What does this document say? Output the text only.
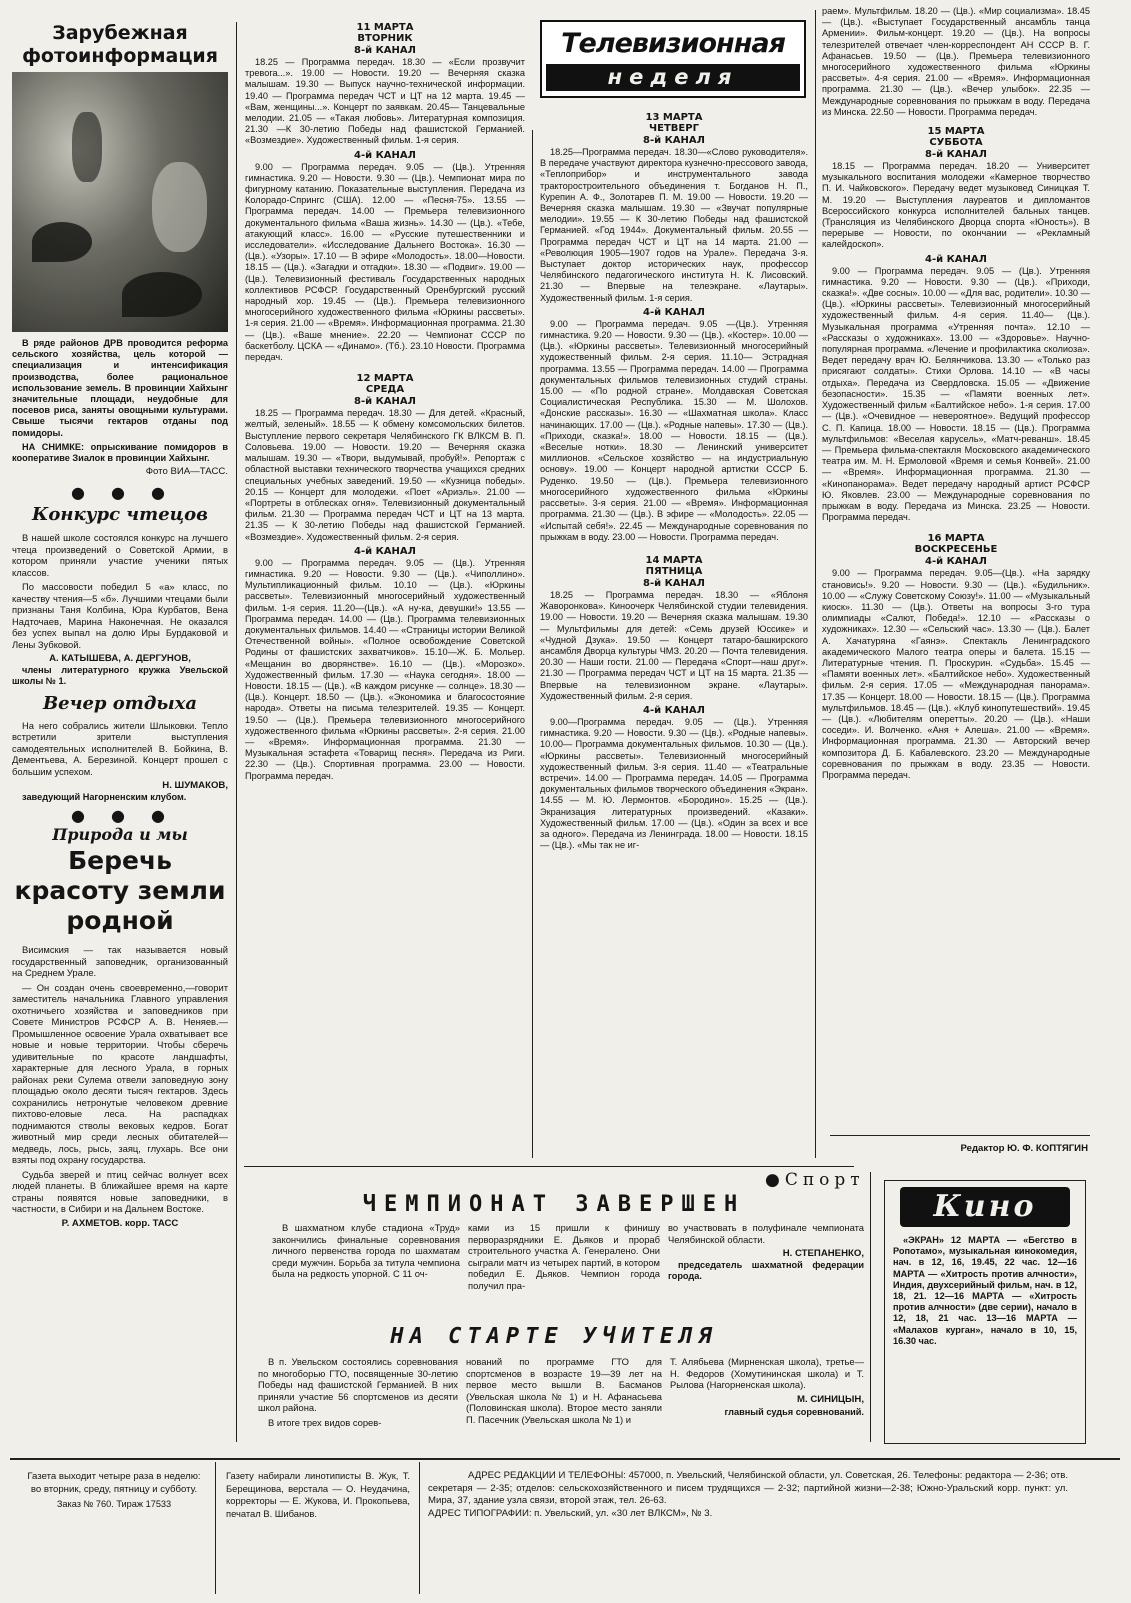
Зарубежная фотоинформация

В ряде районов ДРВ проводится реформа сельского хозяйства, цель которой — специализация и интенсификация производства, более рациональное использование земель. В провинции Хайхынг значительные площади, неудобные для посевов риса, заняты овощными культурами. Свыше тысячи гектаров отданы под помидоры.

НА СНИМКЕ: опрыскивание помидоров в кооперативе Зиалок в провинции Хайхынг.

Фото ВИА—ТАСС.
●●●
Конкурс чтецов

В нашей школе состоялся конкурс на лучшего чтеца произведений о Советской Армии, в котором приняли участие ученики пятых классов.

По массовости победил 5 «а» класс, по качеству чтения—5 «б». Лучшими чтецами были признаны Таня Колбина, Юра Курбатов, Вена Надточаев, Марина Наконечная. Не оказался без успех выпал на долю Иры Бурдаковой и Лены Зубковой.

А. КАТЫШЕВА, А. ДЕРГУНОВ,

члены литературного кружка Увельской школы № 1.

Вечер отдыха

На него собрались жители Шлыковки. Тепло встретили зрители выступления самодеятельных исполнителей В. Бойкина, В. Дементьева, А. Березиной. Концерт прошел с большим успехом.

Н. ШУМАКОВ,

заведующий Нагорненским клубом.

●●●
Природа и мы
Беречь красоту земли родной

Висимския — так называется новый государственный заповедник, организованный на Среднем Урале.

— Он создан очень своевременно,—говорит заместитель начальника Главного управления охотничьего хозяйства и заповедников при Совете Министров РСФСР А. В. Неняев.—Промышленное освоение Урала охватывает все новые и новые территории. Чтобы сберечь удивительные по красоте ландшафты, характерные для лесного Урала, в горных районах реки Сулема отвели заповедную зону площадью около десяти тысяч гектаров. Здесь сохранились нетронутые человеком древние пихтово-еловые леса. На распадках поднимаются стволы вековых кедров. Богат животный мир среди лесных обитателей—медведь, лось, рысь, заяц, глухарь. Все они взяты под охрану государства.

Судьба зверей и птиц сейчас волнует всех людей планеты. В ближайшее время на карте страны появятся новые заповедники, в частности, в Сибири и на Дальнем Востоке.

Р. АХМЕТОВ. корр. ТАСС
11 МАРТА
ВТОРНИК
8-й КАНАЛ

18.25 — Программа передач. 18.30 — «Если прозвучит тревога...». 19.00 — Новости. 19.20 — Вечерняя сказка малышам. 19.30 — Выпуск научно-технической информации. 19.40 — Программа передач ЧСТ и ЦТ на 12 марта. 19.45 — «Вам, женщины...». Концерт по заявкам. 20.45— Танцевальные мелодии. 21.05 — «Такая любовь». Литературная композиция. 21.30 —К 30-летию Победы над фашистской Германией. «Возмездие». Художественный фильм. 1-я серия.

4-й КАНАЛ

9.00 — Программа передач. 9.05 — (Цв.). Утренняя гимнастика. 9.20 — Новости. 9.30 — (Цв.). Чемпионат мира по фигурному катанию. Показательные выступления. Передача из Колорадо-Спрингс (США). 12.00 — «Песня-75». 13.55 — Программа передач. 14.00 — Премьера телевизионного документального фильма «Ваша жизнь». 14.30 — (Цв.). «Тебе, атакующий класс». 16.00 — «Русские путешественники и исследователи». «Исследование Дальнего Востока». 16.30 — (Цв.). «Узоры». 17.10 — В эфире «Молодость». 18.00—Новости. 18.15 — (Цв.). «Загадки и отгадки». 18.30 — «Подвиг». 19.00 — (Цв.). Телевизионный фестиваль Государственных народных коллективов РСФСР. Государственный Оренбургский русский народный хор. 19.45 — (Цв.). Премьера телевизионного многосерийного художественного фильма «Юркины рассветы». 1-я серия. 21.00 — «Время». Информационная программа. 21.30 — (Цв.). «Ваше мнение». 22.20 — Чемпионат СССР по баскетболу. ЦСКА — «Динамо». (Тб.). 23.10 Новости. Программа передач.

12 МАРТА
СРЕДА
8-й КАНАЛ

18.25 — Программа передач. 18.30 — Для детей. «Красный, желтый, зеленый». 18.55 — К обмену комсомольских билетов. Выступление первого секретаря Челябинского ГК ВЛКСМ В. П. Соловьева. 19.00 — Новости. 19.20 — Вечерняя сказка малышам. 19.30 — «Твори, выдумывай, пробуй!». Репортаж с областной выставки технического творчества учащихся средних специальных учебных заведений. 19.50 — «Кузница победы». 20.15 — Концерт для молодежи. «Поет «Ариэль». 21.00 — «Портреты в отблесках огня». Телевизионный документальный фильм. 21.30 — Программа передач ЧСТ и ЦТ на 13 марта. 21.35 — К 30-летию Победы над фашистской Германией. «Возмездие». Художественный фильм. 2-я серия.

4-й КАНАЛ

9.00 — Программа передач. 9.05 — (Цв.). Утренняя гимнастика. 9.20 — Новости. 9.30 — (Цв.). «Чиполлино». Мультипликационный фильм. 10.10 — (Цв.). «Юркины рассветы». Телевизионный многосерийный художественный фильм. 1-я серия. 11.20—(Цв.). «А ну-ка, девушки!» 13.55 — Программа передач. 14.00 — (Цв.). Программа телевизионных документальных фильмов. 14.40 — «Страницы истории Великой Отечественной войны». «Полное освобождение Советской Родины от фашистских захватчиков». 15.10—Ж. Б. Мольер. «Мещанин во дворянстве». 16.10 — (Цв.). «Морозко». Художественный фильм. 17.30 — «Наука сегодня». 18.00 — Новости. 18.15 — (Цв.). «В каждом рисунке — солнце». 18.30 — (Цв.). Концерт. 18.50 — (Цв.). «Экономика и благосостояние народа». Ответы на письма телезрителей. 19.35 — Концерт. 19.50 — (Цв.). Премьера телевизионного многосерийного художественного фильма «Юркины рассветы». 2-я серия. 21.00 — «Время». Информационная программа. 21.30 — Музыкальная эстафета «Товарищ песня». Передача из Риги. 22.30 — (Цв.). Спортивная программа. 23.00 — Новости. Программа передач.

Телевизионная
неделя
13 МАРТА
ЧЕТВЕРГ
8-й КАНАЛ

18.25—Программа передач. 18.30—«Слово руководителя». В передаче участвуют директора кузнечно-прессового завода, «Теплоприбор» и инструментального завода тракторостроительного объединения т. Богданов Н. П., Курепин А. Ф., Золотарев П. М. 19.00 — Новости. 19.20 — Вечерняя сказка малышам. 19.30 — «Звучат популярные мелодии». 19.55 — К 30-летию Победы над фашистской Германией. «Год 1944». Документальный фильм. 20.55 — Программа передач ЧСТ и ЦТ на 14 марта. 21.00 — «Революция 1905—1907 годов на Урале». Передача 3-я. Выступает доктор исторических наук, профессор Челябинского педагогического института Н. К. Лисовский. 21.30 — Впервые на телеэкране. «Лаутары». Художественный фильм. 1-я серия.

4-й КАНАЛ

9.00 — Программа передач. 9.05 —(Цв.). Утренняя гимнастика. 9.20 — Новости. 9.30 — (Цв.). «Костер». 10.00 — (Цв.). «Юркины рассветы». Телевизионный многосерийный художественный фильм. 2-я серия. 11.10— Эстрадная программа. 13.55 — Программа передач. 14.00 — Программа документальных фильмов телевизионных студий страны. 15.00 — «По родной стране». Молдавская Советская Социалистическая Республика. 15.30 — М. Шолохов. «Донские рассказы». 16.30 — «Шахматная школа». Класс начинающих. 17.00 — (Цв.). «Родные напевы». 17.30 — (Цв.). «Приходи, сказка!». 18.00 — Новости. 18.15 — (Цв.). «Веселые нотки». 18.30 — Ленинский университет миллионов. «Сельское хозяйство — на индустриальную основу». 19.00 — Концерт народной артистки СССР Б. Руденко. 19.50 — (Цв.). Премьера телевизионного многосерийного художественного фильма «Юркины рассветы». 3-я серия. 21.00 — «Время». Информационная программа. 21.30 — (Цв.). В эфире — «Молодость». 22.05 — «Испытай себя!». 22.45 — Международные соревнования по прыжкам в воду. 23.00 — Новости. Программа передач.

14 МАРТА
ПЯТНИЦА
8-й КАНАЛ

18.25 — Программа передач. 18.30 — «Яблоня Жаворонкова». Киноочерк Челябинской студии телевидения. 19.00 — Новости. 19.20 — Вечерняя сказка малышам. 19.30 — Мультфильмы для детей: «Семь друзей Юссике» и «Чудной Дзука». 19.50 — Концерт татаро-башкирского ансамбля Дворца культуры ЧМЗ. 20.20 — Почта телевидения. 20.30 — Наши гости. 21.00 — Передача «Спорт—наш друг». 21.30 — Программа передач ЧСТ и ЦТ на 15 марта. 21.35 — Впервые на телевизионном экране. «Лаутары». Художественный фильм. 2-я серия.

4-й КАНАЛ

9.00—Программа передач. 9.05 — (Цв.). Утренняя гимнастика. 9.20 — Новости. 9.30 — (Цв.). «Родные напевы». 10.00— Программа документальных фильмов. 10.30 — (Цв.). «Юркины рассветы». Телевизионный многосерийный художественный фильм. 3-я серия. 11.40 — «Театральные встречи». 14.00 — Программа передач. 14.05 — Программа документальных фильмов творческого объединения «Экран». 14.55 — М. Ю. Лермонтов. «Бородино». 15.25 — (Цв.). Экранизация литературных произведений. «Казаки». Художественный фильм. 17.00 — (Цв.). «Один за всех и все за одного». Передача из Ленинграда. 18.00 — Новости. 18.15 — (Цв.). «Мы так не иг-

раем». Мультфильм. 18.20 — (Цв.). «Мир социализма». 18.45 — (Цв.). «Выступает Государственный ансамбль танца Армении». Фильм-концерт. 19.20 — (Цв.). На вопросы телезрителей отвечает член-корреспондент АН СССР В. Г. Афанасьев. 19.50 — (Цв.). Премьера телевизионного многосерийного художественного фильма «Юркины рассветы». 4-я серия. 21.00 — «Время». Информационная программа. 21.30 — (Цв.). «Вечер улыбок». 22.35 — Международные соревнования по прыжкам в воду. Передача из Минска. 22.50 — Новости. Программа передач.

15 МАРТА
СУББОТА
8-й КАНАЛ

18.15 — Программа передач. 18.20 — Университет музыкального воспитания молодежи «Камерное творчество П. И. Чайковского». Передачу ведет музыковед Синицкая Т. М. 19.20 — Выступления лауреатов и дипломантов Всероссийского конкурса исполнителей бальных танцев. (Трансляция из Челябинского Дворца спорта «Юность»). В перерыве — Новости, по окончании — «Рекламный калейдоскоп».

4-й КАНАЛ

9.00 — Программа передач. 9.05 — (Цв.). Утренняя гимнастика. 9.20 — Новости. 9.30 — (Цв.). «Приходи, сказка!». «Две сосны». 10.00 — «Для вас, родители». 10.30 — (Цв.). «Юркины рассветы». Телевизионный многосерийный художественный фильм. 4-я серия. 11.40— (Цв.). Музыкальная программа «Утренняя почта». 12.10 — «Рассказы о художниках». 13.00 — «Здоровье». Научно-популярная программа. «Лечение и профилактика сколиоза». Ведет передачу врач Ю. Белянчикова. 13.30 — «Только раз присягают солдаты». Стихи Орлова. 14.10 — «В часы отдыха». Передача из Свердловска. 15.05 — «Движение безопасности». 15.35 — «Памяти военных лет». Художественный фильм «Балтийское небо». 1-я серия. 17.00 — (Цв.). «Очевидное — невероятное». Ведущий профессор С. П. Капица. 18.00 — Новости. 18.15 — (Цв.). Программа мультфильмов: «Веселая карусель», «Матч-реванш». 18.45 — Премьера фильма-спектакля Московского академического театра им. М. Н. Ермоловой «Время и семья Конвей». 21.00 — «Время». Информационная программа. 21.30 — «Кинопанорама». Ведет передачу народный артист РСФСР Ю. Яковлев. 23.00 — Международные соревнования по прыжкам в воду. Передача из Минска. 23.25 — Новости. Программа передач.

16 МАРТА
ВОСКРЕСЕНЬЕ
4-й КАНАЛ

9.00 — Программа передач. 9.05—(Цв.). «На зарядку становись!». 9.20 — Новости. 9.30 — (Цв.). «Будильник». 10.00 — «Служу Советскому Союзу!». 11.00 — «Музыкальный киоск». 11.30 — (Цв.). Ответы на вопросы 3-го тура олимпиады «Салют, Победа!». 12.10 — «Рассказы о художниках». 12.30 — «Сельский час». 13.30 — (Цв.). Балет А. Хачатуряна «Гаянэ». Спектакль Ленинградского академического Малого театра оперы и балета. 15.15 — Литературные чтения. П. Проскурин. «Судьба». 15.45 — «Памяти военных лет». «Балтийское небо». Художественный фильм. 2-я серия. 17.05 — «Международная панорама». 17.35 — Концерт. 18.00 — Новости. 18.15 — (Цв.). Программа мультфильмов. 18.45 — (Цв.). «Клуб кинопутешествий». 19.45 — (Цв.). «Любителям оперетты». 20.20 — (Цв.). «Наши соседи». И. Волченко. «Аня + Алеша». 21.00 — «Время». Информационная программа. 21.30 — Авторский вечер композитора Д. Б. Кабалевского. 23.20 — Международные соревнования по прыжкам в воду. 23.35 — Новости. Программа передач.

Редактор Ю. Ф. КОПТЯГИН
●Спорт
ЧЕМПИОНАТ ЗАВЕРШЕН

В шахматном клубе стадиона «Труд» закончились финальные соревнования личного первенства города по шахматам среди мужчин. Борьба за титула чемпиона была на редкость упорной. С 11 оч-

ками из 15 пришли к финишу перворазрядники Е. Дьяков и прораб строительного участка А. Генералено. Они сыграли матч из четырех партий, в котором победил Е. Дьяков. Чемпион города получил пра-

во участвовать в полуфинале чемпионата Челябинской области.

Н. СТЕПАНЕНКО,

председатель шахматной федерации города.

НА СТАРТЕ УЧИТЕЛЯ

В п. Увельском состоялись соревнования по многоборью ГТО, посвященные 30-летию Победы над фашистской Германией. В них приняли участие 56 спортсменов из десяти школ района.

В итоге трех видов сорев-

нований по программе ГТО для спортсменов в возрасте 19—39 лет на первое место вышли В. Басманов (Увельская школа № 1) и Н. Афанасьева (Половинская школа). Второе место заняли П. Пасечник (Увельская школа № 1) и

Т. Алябьева (Мирненская школа), третье—Н. Федоров (Хомутининская школа) и Т. Рылова (Нагорненская школа).

М. СИНИЦЫН,
главный судья соревнований.
Кино

«ЭКРАН» 12 МАРТА — «Бегство в Ропотамо», музыкальная кинокомедия, нач. в 12, 16, 19.45, 22 час. 12—16 МАРТА — «Хитрость против алчности», Индия, двухсерийный фильм, нач. в 12, 18, 21. 12—16 МАРТА — «Хитрость против алчности» (две серии), начало в 12, 18, 21 час. 13—16 МАРТА — «Малахов курган», начало в 10, 15, 16.30 час.

Газета выходит четыре раза в неделю: во вторник, среду, пятницу и субботу.

Заказ № 760. Тираж 17533

Газету набирали линотиписты В. Жук, Т. Берещинова, верстала — О. Неудачина, корректоры — Е. Жукова, И. Прокопьева, печатал В. Шибанов.

АДРЕС РЕДАКЦИИ И ТЕЛЕФОНЫ: 457000, п. Увельский, Челябинской области, ул. Советская, 26. Телефоны: редактора — 2-36; отв. секретаря — 2-35; отделов: сельскохозяйственного и писем трудящихся — 2-32; партийной жизни—2-38; Южно-Уральский корр. пункт: ул. Мира, 37, здание узла связи, второй этаж, тел. 26-63.

АДРЕС ТИПОГРАФИИ: п. Увельский, ул. «30 лет ВЛКСМ», № 3.
